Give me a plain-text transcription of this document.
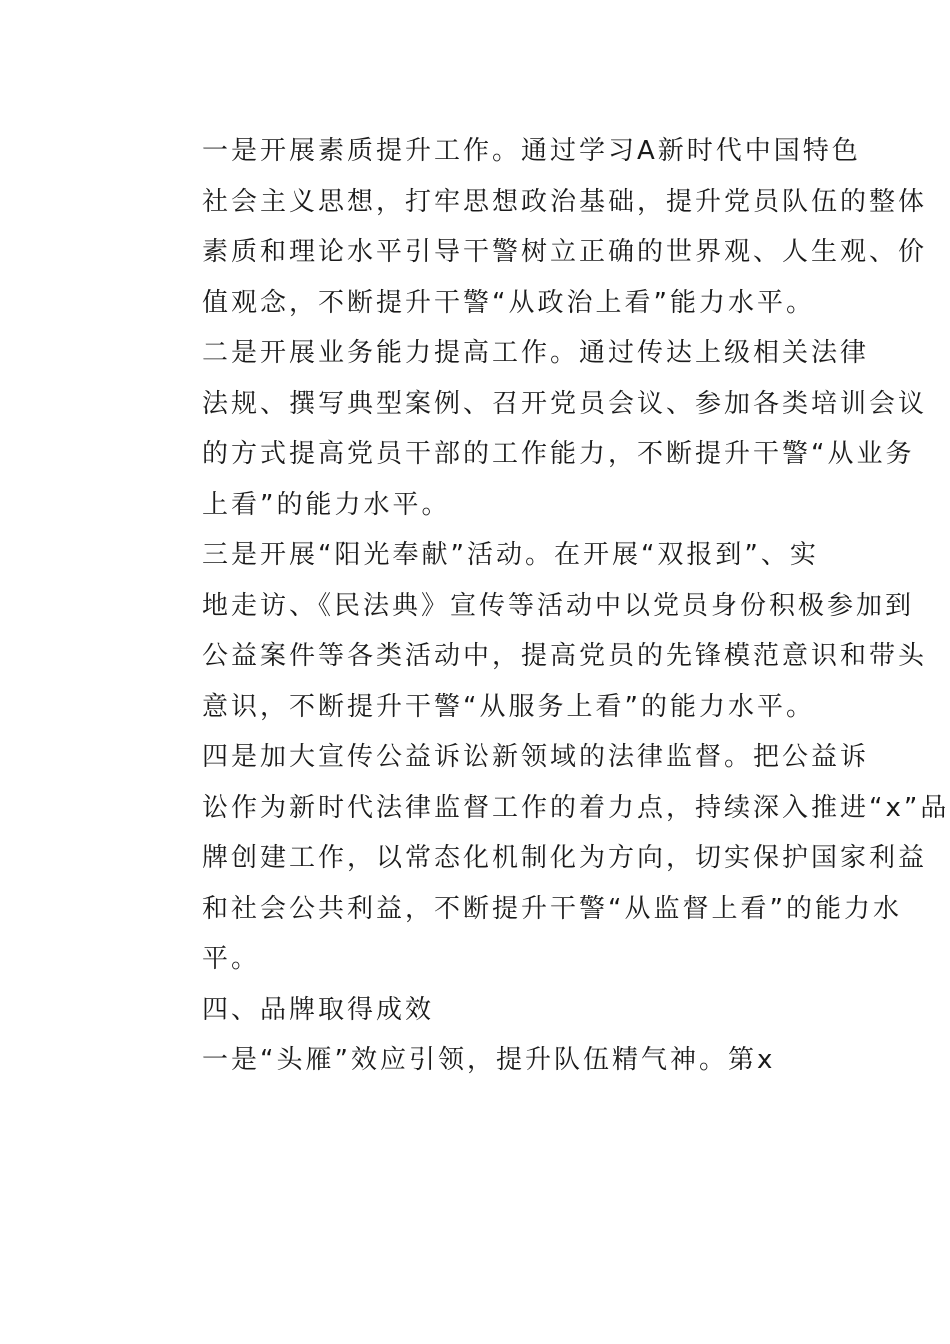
一是开展素质提升工作。通过学习A新时代中国特色
社会主义思想，打牢思想政治基础，提升党员队伍的整体
素质和理论水平引导干警树立正确的世界观、人生观、价
值观念，不断提升干警“从政治上看”能力水平。

二是开展业务能力提高工作。通过传达上级相关法律
法规、撰写典型案例、召开党员会议、参加各类培训会议
的方式提高党员干部的工作能力，不断提升干警“从业务
上看”的能力水平。

三是开展“阳光奉献”活动。在开展“双报到”、实
地走访、《民法典》宣传等活动中以党员身份积极参加到
公益案件等各类活动中，提高党员的先锋模范意识和带头
意识，不断提升干警“从服务上看”的能力水平。

四是加大宣传公益诉讼新领域的法律监督。把公益诉
讼作为新时代法律监督工作的着力点，持续深入推进“x”品
牌创建工作，以常态化机制化为方向，切实保护国家利益
和社会公共利益，不断提升干警“从监督上看”的能力水
平。

四、品牌取得成效

一是“头雁”效应引领，提升队伍精气神。第x
